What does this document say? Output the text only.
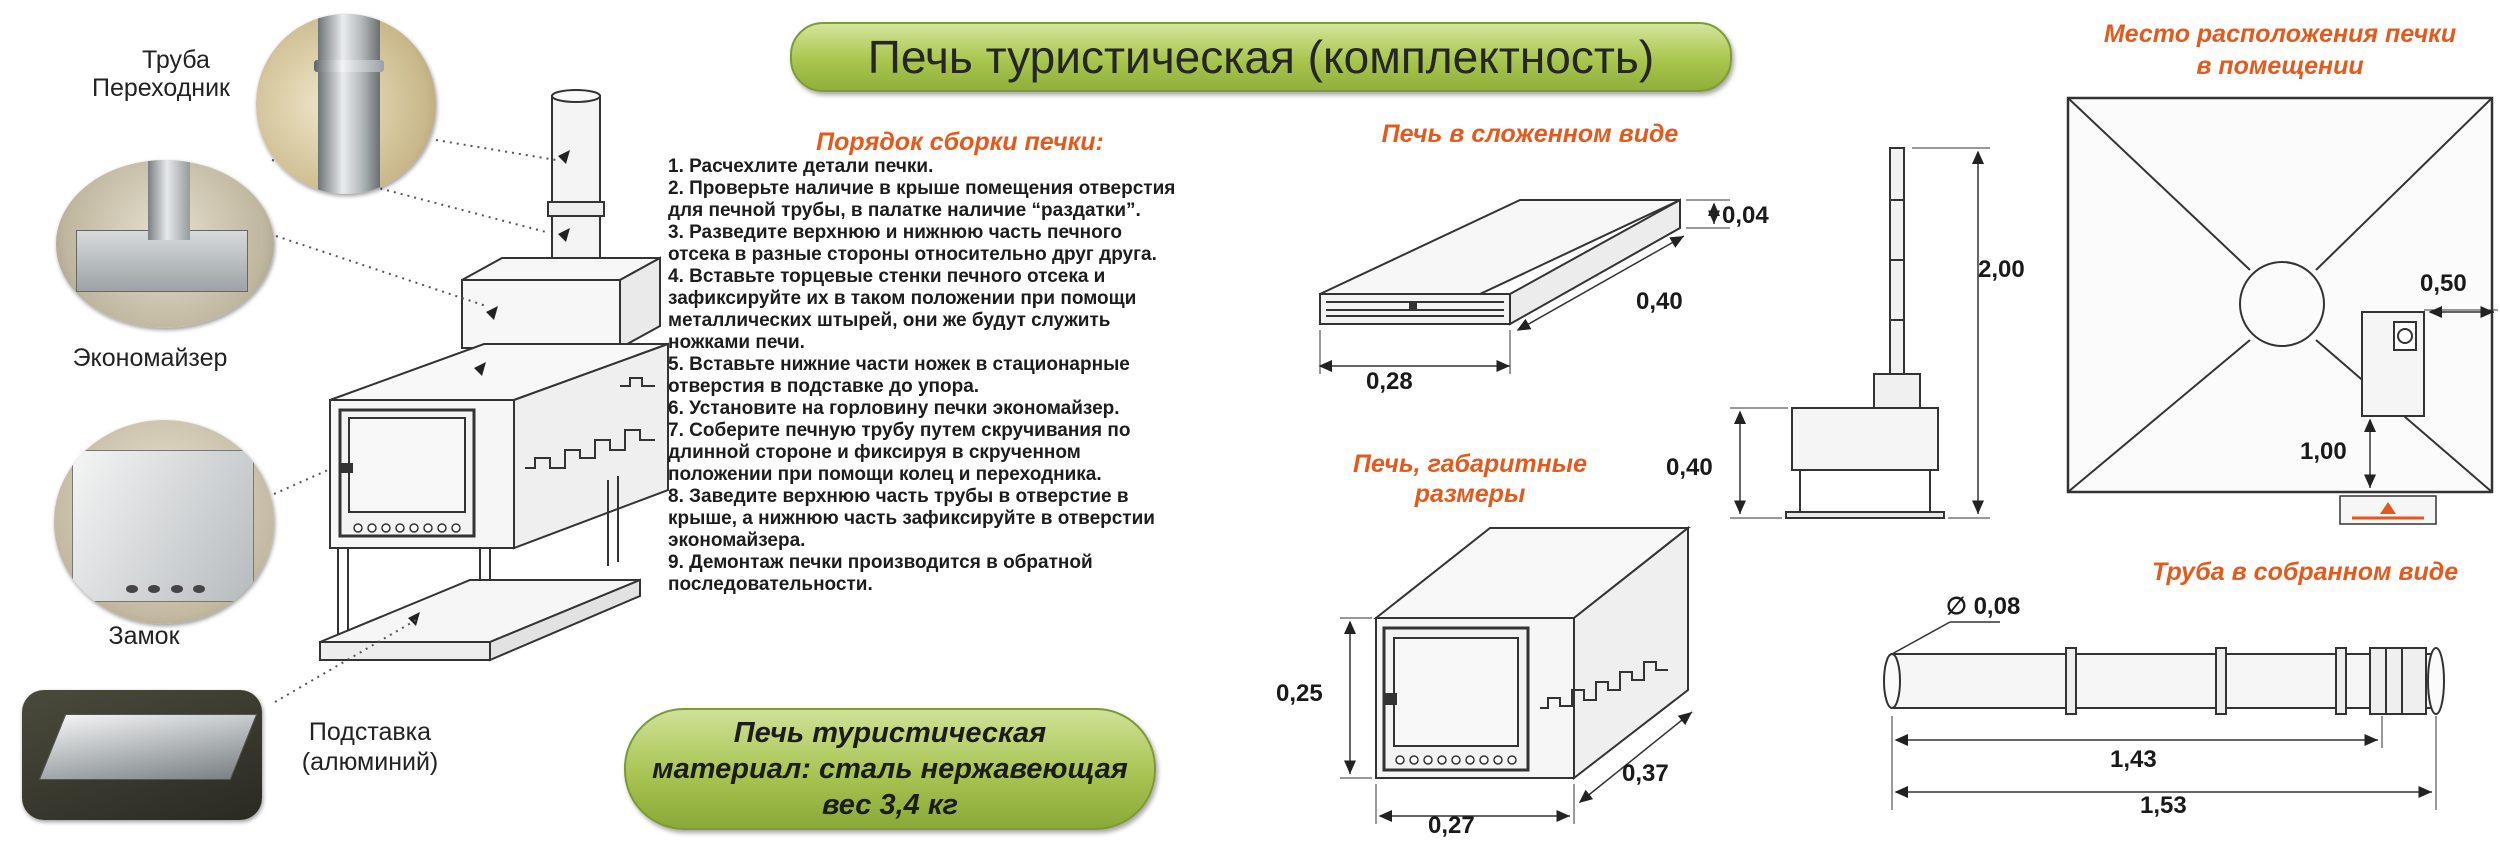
Печь туристическая (комплектность)
Труба
Переходник
Экономайзер
Замок
Подставка
(алюминий)
Порядок сборки печки:

1. Расчехлите детали печки.

2. Проверьте наличие в крыше помещения отверстия

для печной трубы, в палатке наличие “раздатки”.

3. Разведите верхнюю и нижнюю часть печного

отсека в разные стороны относительно друг друга.

4. Вставьте торцевые стенки печного отсека и

зафиксируйте их в таком положении при помощи

металлических штырей, они же будут служить

ножками печи.

5. Вставьте нижние части ножек в стационарные

отверстия в подставке до упора.

6. Установите на горловину печки экономайзер.

7. Соберите печную трубу путем скручивания по

длинной стороне и фиксируя в скрученном

положении при помощи колец и переходника.

8. Заведите верхнюю часть трубы в отверстие в

крыше, а нижнюю часть зафиксируйте в отверстии

экономайзера.

9. Демонтаж печки производится в обратной

последовательности.

Печь туристическая
материал: сталь нержавеющая
вес 3,4 кг
Печь в сложенном виде
0,04
0,40
0,28
Печь, габаритные
размеры
0,25
0,37
0,27
2,00
0,40
Место расположения печки
в помещении
0,50
1,00
Труба в собранном виде
∅ 0,08
1,43
1,53
